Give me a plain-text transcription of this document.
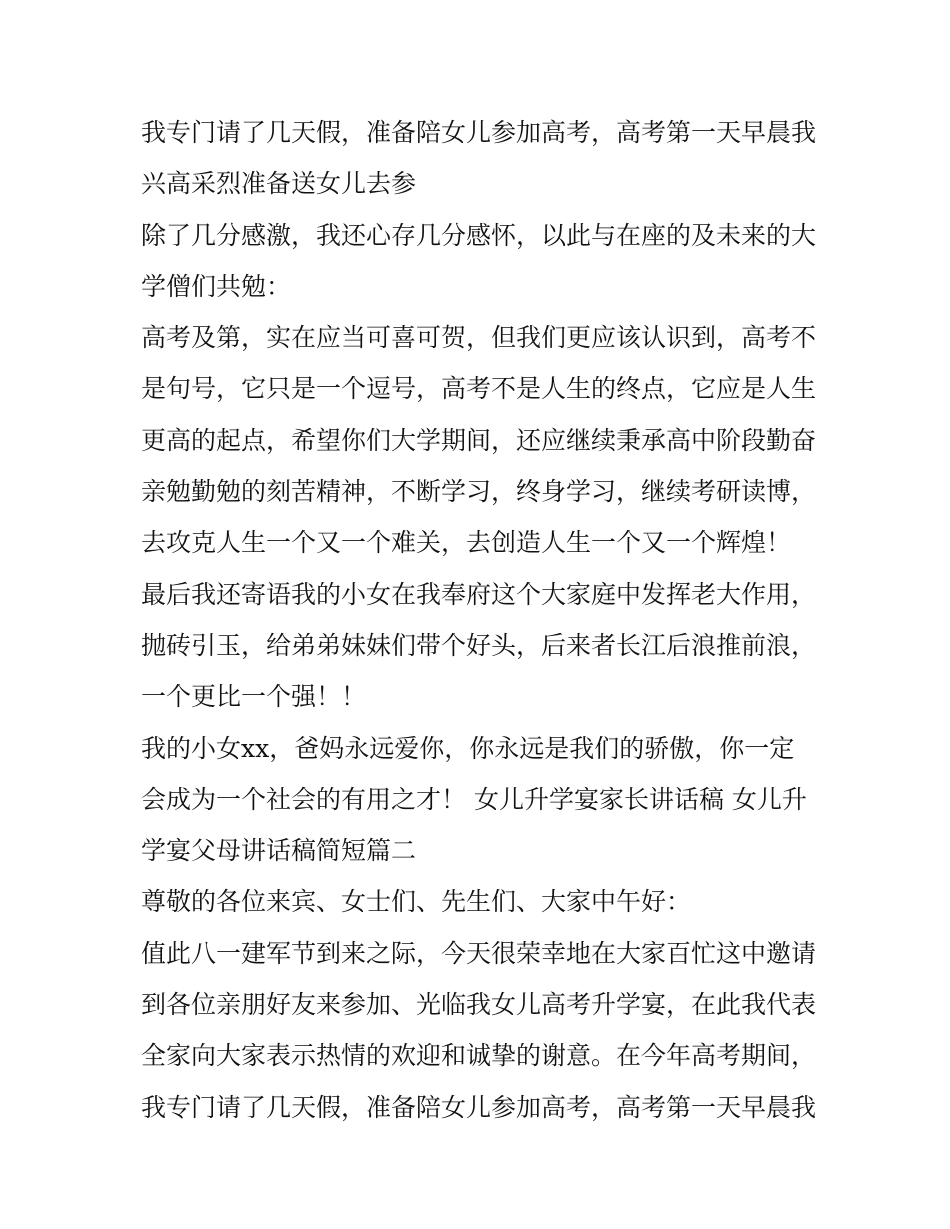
我专门请了几天假，准备陪女儿参加高考，高考第一天早晨我
兴高采烈准备送女儿去参
除了几分感激，我还心存几分感怀，以此与在座的及未来的大
学僧们共勉：
高考及第，实在应当可喜可贺，但我们更应该认识到，高考不
是句号，它只是一个逗号，高考不是人生的终点，它应是人生
更高的起点，希望你们大学期间，还应继续秉承高中阶段勤奋
亲勉勤勉的刻苦精神，不断学习，终身学习，继续考研读博，
去攻克人生一个又一个难关，去创造人生一个又一个辉煌！
最后我还寄语我的小女在我奉府这个大家庭中发挥老大作用，
抛砖引玉，给弟弟妹妹们带个好头，后来者长江后浪推前浪，
一个更比一个强！！
我的小女xx，爸妈永远爱你，你永远是我们的骄傲，你一定
会成为一个社会的有用之才！ 女儿升学宴家长讲话稿 女儿升
学宴父母讲话稿简短篇二
尊敬的各位来宾、女士们、先生们、大家中午好：
值此八一建军节到来之际，今天很荣幸地在大家百忙这中邀请
到各位亲朋好友来参加、光临我女儿高考升学宴，在此我代表
全家向大家表示热情的欢迎和诚挚的谢意。在今年高考期间，
我专门请了几天假，准备陪女儿参加高考，高考第一天早晨我
